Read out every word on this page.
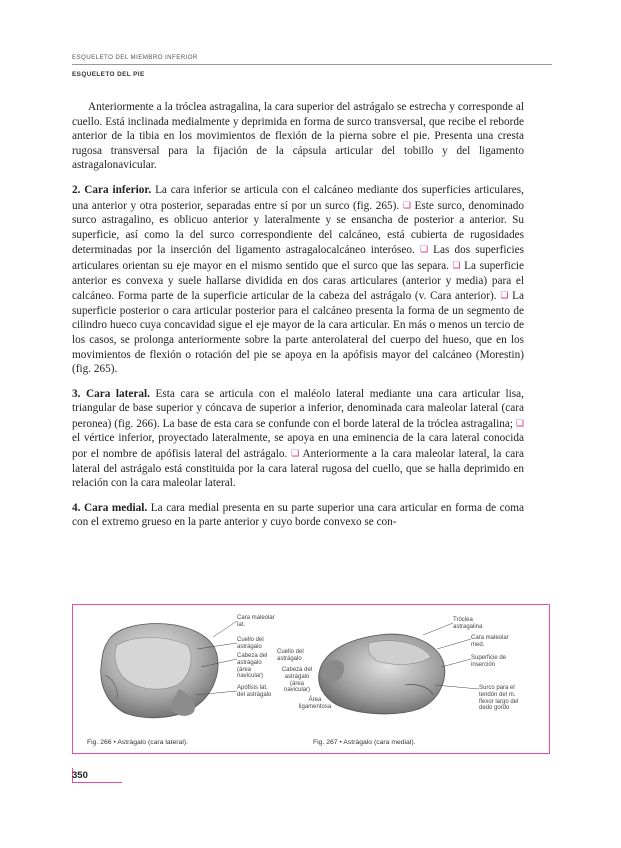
ESQUELETO DEL MIEMBRO INFERIOR
ESQUELETO DEL PIE

Anteriormente a la tróclea astragalina, la cara superior del astrágalo se estrecha y corresponde al cuello. Está inclinada medialmente y deprimida en forma de surco transversal, que recibe el reborde anterior de la tibia en los movimientos de flexión de la pierna sobre el pie. Presenta una cresta rugosa transversal para la fijación de la cápsula articular del tobillo y del ligamento astragalonavicular.

2. Cara inferior. La cara inferior se articula con el calcáneo mediante dos superficies articulares, una anterior y otra posterior, separadas entre sí por un surco (fig. 265). ❏ Este surco, denominado surco astragalino, es oblicuo anterior y lateralmente y se ensancha de posterior a anterior. Su superficie, así como la del surco correspondiente del calcáneo, está cubierta de rugosidades determinadas por la inserción del ligamento astragalocalcáneo interóseo. ❏ Las dos superficies articulares orientan su eje mayor en el mismo sentido que el surco que las separa. ❏ La superficie anterior es convexa y suele hallarse dividida en dos caras articulares (anterior y media) para el calcáneo. Forma parte de la superficie articular de la cabeza del astrágalo (v. Cara anterior). ❏ La superficie posterior o cara articular posterior para el calcáneo presenta la forma de un segmento de cilindro hueco cuya concavidad sigue el eje mayor de la cara articular. En más o menos un tercio de los casos, se prolonga anteriormente sobre la parte anterolateral del cuerpo del hueso, que en los movimientos de flexión o rotación del pie se apoya en la apófisis mayor del calcáneo (Morestin) (fig. 265).

3. Cara lateral. Esta cara se articula con el maléolo lateral mediante una cara articular lisa, triangular de base superior y cóncava de superior a inferior, denominada cara maleolar lateral (cara peronea) (fig. 266). La base de esta cara se confunde con el borde lateral de la tróclea astragalina; ❏ el vértice inferior, proyectado lateralmente, se apoya en una eminencia de la cara lateral conocida por el nombre de apófisis lateral del astrágalo. ❏ Anteriormente a la cara maleolar lateral, la cara lateral del astrágalo está constituida por la cara lateral rugosa del cuello, que se halla deprimido en relación con la cara maleolar lateral.

4. Cara medial. La cara medial presenta en su parte superior una cara articular en forma de coma con el extremo grueso en la parte anterior y cuyo borde convexo se con-

Cara maleolar lat.
Cuello del astrágalo
Cabeza del astrágalo (área navicular)
Apófisis lat. del astrágalo
Fig. 266 • Astrágalo (cara lateral).
Cuello del astrágalo
Cabeza del astrágalo (área navicular)
Área ligamentosa
Tróclea astragalina
Cara maleolar med.
Superficie de inserción
Surco para el tendón del m. flexor largo del dedo gordo
Fig. 267 • Astrágalo (cara medial).
350
